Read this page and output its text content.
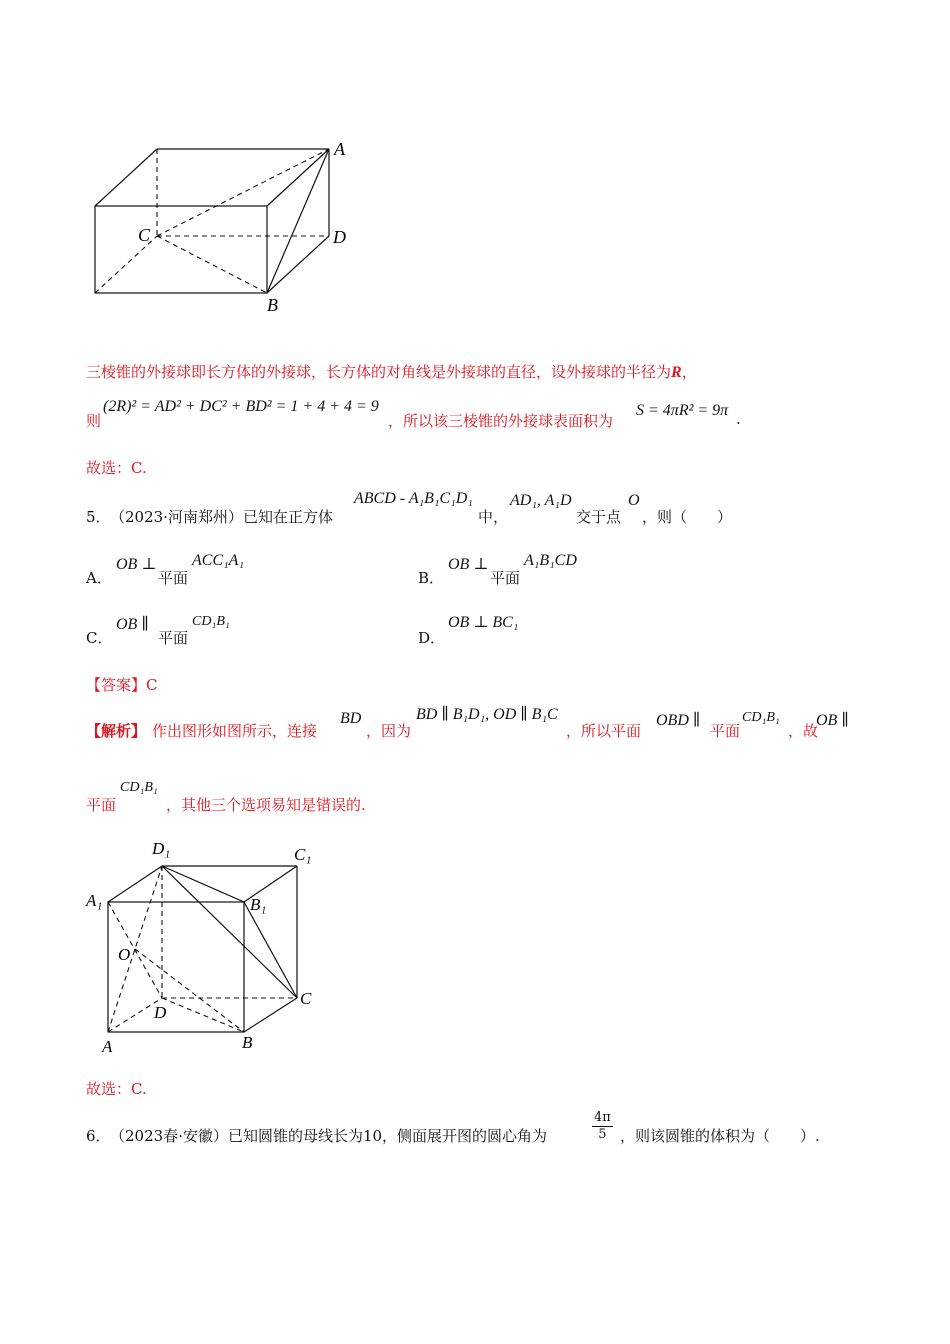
A
C	D
B
三棱锥的外接球即长方体的外接球，长方体的对角线是外接球的直径，设外接球的半径为R，
则
(2R)² = AD² + DC² + BD² = 1 + 4 + 4 = 9
，所以该三棱锥的外接球表面积为
S = 4πR² = 9π .
故选：C.
5． （2023·河南郑州）已知在正方体
ABCD - A₁B₁C₁D₁
中，
AD₁, A₁D
交于点
O
，则（　　）
A．
OB ⊥
平面
ACC₁A₁
B．
OB ⊥
平面
A₁B₁CD
C．
OB ∥
平面
CD₁B₁
D．
OB ⊥ BC₁
【答案】C
【解析】 作出图形如图所示，连接
BD
，因为
BD ∥ B₁D₁, OD ∥ B₁C
，所以平面
OBD ∥
平面
CD₁B₁
，故
OB ∥
平面
CD₁B₁
，其他三个选项易知是错误的.
D₁	C₁
A₁	B₁
O
D
C
A	B
故选：C.
6． （2023春·安徽）已知圆锥的母线长为10，侧面展开图的圆心角为	$\frac{4\pi}{5}$ ，则该圆锥的体积为（　　）.
